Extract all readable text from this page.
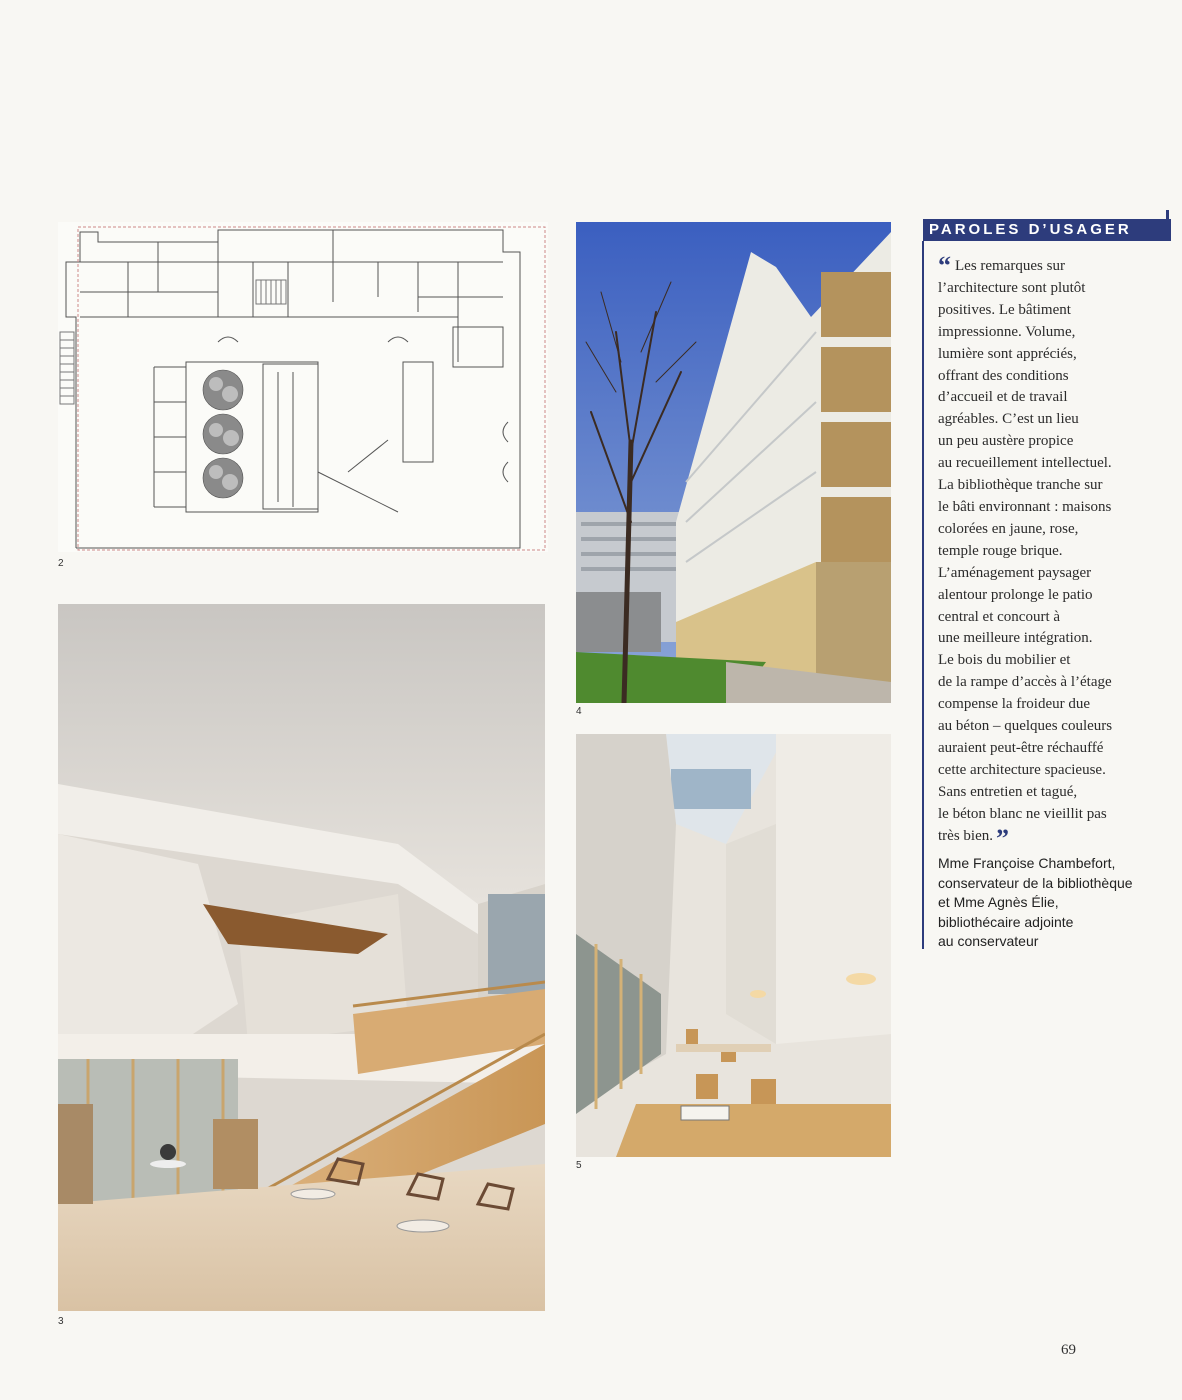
2
3
4
5
PAROLES D’USAGER
“ Les remarques sur
l’architecture sont plutôt
positives. Le bâtiment
impressionne. Volume,
lumière sont appréciés,
offrant des conditions
d’accueil et de travail
agréables. C’est un lieu
un peu austère propice
au recueillement intellectuel.
La bibliothèque tranche sur
le bâti environnant : maisons
colorées en jaune, rose,
temple rouge brique.
L’aménagement paysager
alentour prolonge le patio
central et concourt à
une meilleure intégration.
Le bois du mobilier et
de la rampe d’accès à l’étage
compense la froideur due
au béton – quelques couleurs
auraient peut-être réchauffé
cette architecture spacieuse.
Sans entretien et tagué,
le béton blanc ne vieillit pas
très bien. ”
Mme Françoise Chambefort,
conservateur de la bibliothèque
et Mme Agnès Élie,
bibliothécaire adjointe
au conservateur
69
